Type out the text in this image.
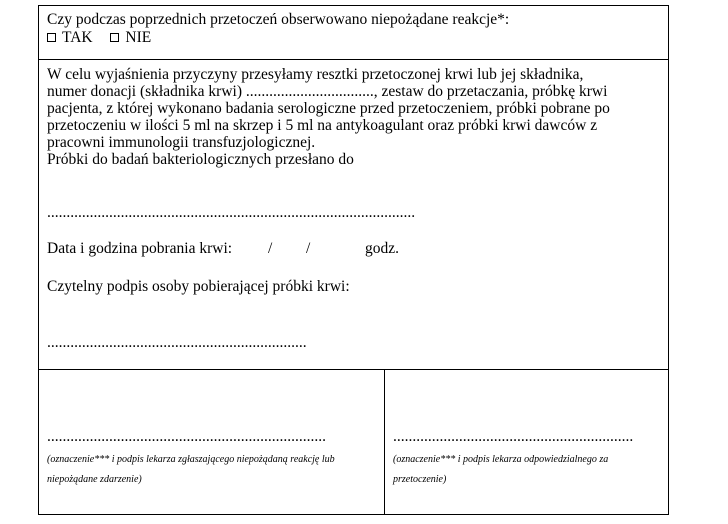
Czy podczas poprzednich przetoczeń obserwowano niepożądane reakcje*:
TAK NIE
W celu wyjaśnienia przyczyny przesyłamy resztki przetoczonej krwi lub jej składnika,
numer donacji (składnika krwi) ................................., zestaw do przetaczania, próbkę krwi
pacjenta, z której wykonano badania serologiczne przed przetoczeniem, próbki pobrane po
przetoczeniu w ilości 5 ml na skrzep i 5 ml na antykoagulant oraz próbki krwi dawców z
pracowni immunologii transfuzjologicznej.
Próbki do badań bakteriologicznych przesłano do
...............................................................................................
Data i godzina pobrania krwi: / /	godz.
Czytelny podpis osoby pobierającej próbki krwi:
...................................................................
........................................................................
(oznaczenie*** i podpis lekarza zgłaszającego niepożądaną reakcję lub
niepożądane zdarzenie)
..............................................................
(oznaczenie*** i podpis lekarza odpowiedzialnego za
przetoczenie)
